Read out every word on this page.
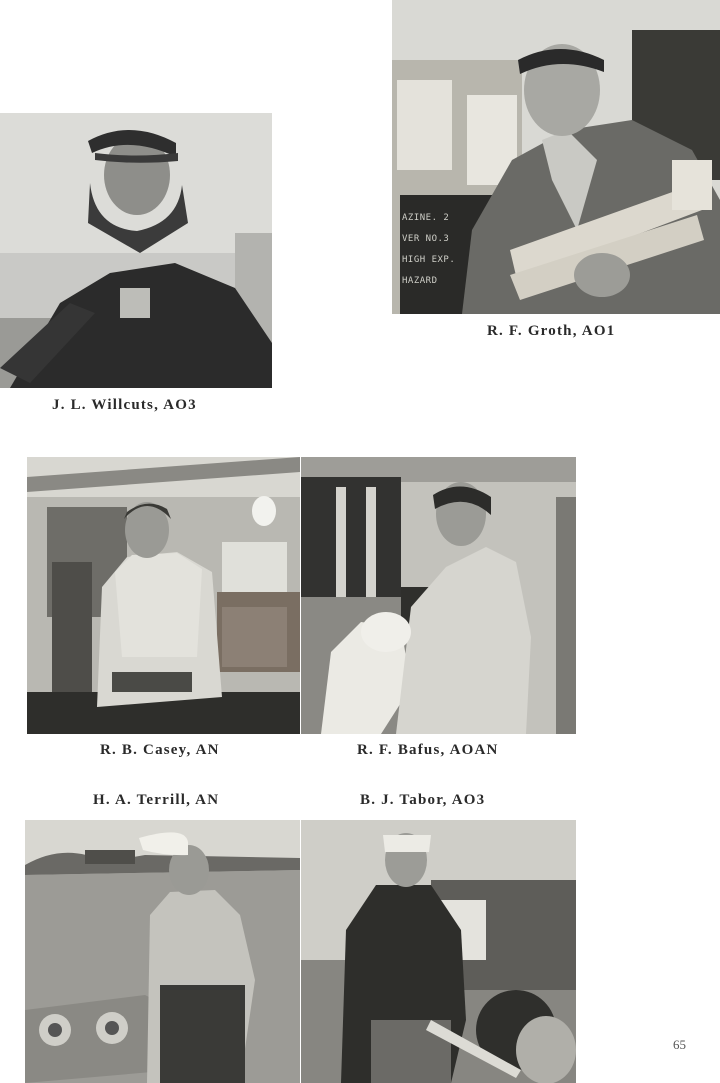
J. L. Willcuts, AO3
AZINE. 2
VER NO.3
HIGH EXP.
HAZARD
R. F. Groth, AO1
R. B. Casey, AN	R. F. Bafus, AOAN
H. A. Terrill, AN	B. J. Tabor, AO3
65
